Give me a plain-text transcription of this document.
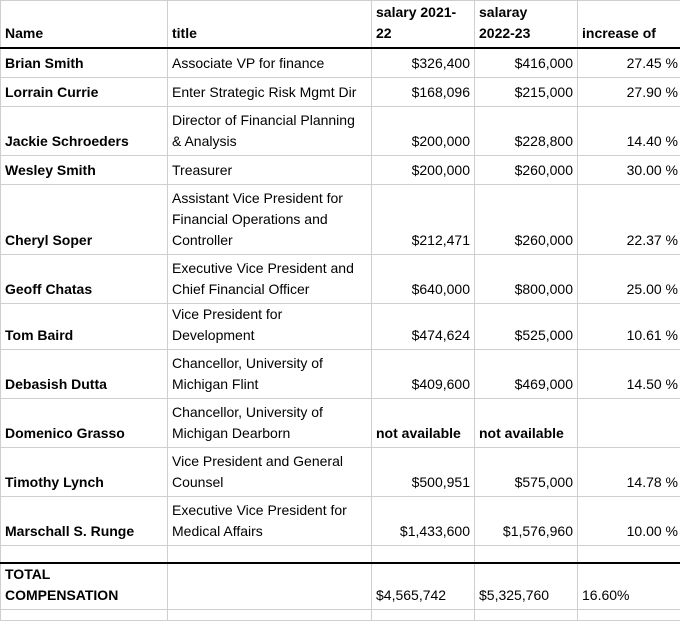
Name	title	salary 2021-22	salaray 2022-23	increase of
Brian Smith	Associate VP for finance	$326,400	$416,000	27.45 %
Lorrain Currie	Enter Strategic Risk Mgmt Dir	$168,096	$215,000	27.90 %
Jackie Schroeders	Director of Financial Planning & Analysis	$200,000	$228,800	14.40 %
Wesley Smith	Treasurer	$200,000	$260,000	30.00 %
Cheryl Soper	Assistant Vice President for Financial Operations and Controller	$212,471	$260,000	22.37 %
Geoff Chatas	Executive Vice President and Chief Financial Officer	$640,000	$800,000	25.00 %
Tom Baird	Vice President for Development	$474,624	$525,000	10.61 %
Debasish Dutta	Chancellor, University of Michigan Flint	$409,600	$469,000	14.50 %
Domenico Grasso	Chancellor, University of Michigan Dearborn	not available	not available	
Timothy Lynch	Vice President and General Counsel	$500,951	$575,000	14.78 %
Marschall S. Runge	Executive Vice President for Medical Affairs	$1,433,600	$1,576,960	10.00 %

TOTAL COMPENSATION		$4,565,742	$5,325,760	16.60%
